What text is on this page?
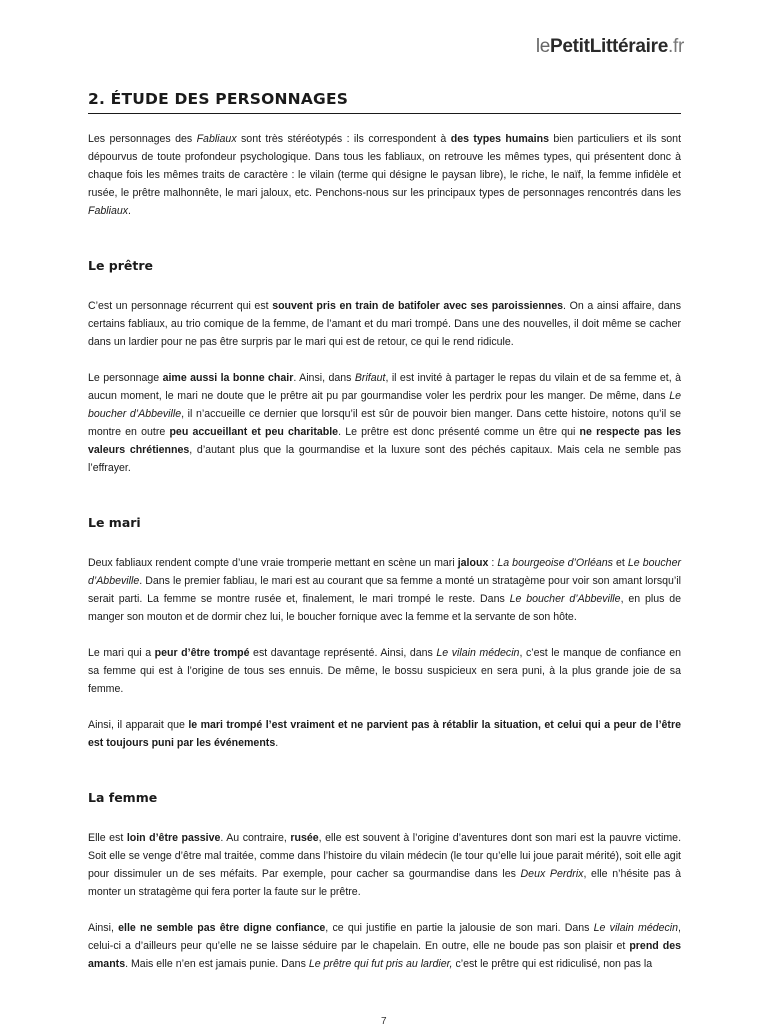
lePetitLittéraire.fr
2. ÉTUDE DES PERSONNAGES

Les personnages des Fabliaux sont très stéréotypés : ils correspondent à des types humains bien particuliers et ils sont dépourvus de toute profondeur psychologique. Dans tous les fabliaux, on retrouve les mêmes types, qui présentent donc à chaque fois les mêmes traits de caractère : le vilain (terme qui désigne le paysan libre), le riche, le naïf, la femme infidèle et rusée, le prêtre malhonnête, le mari jaloux, etc. Penchons-nous sur les principaux types de personnages rencontrés dans les Fabliaux.

Le prêtre

C’est un personnage récurrent qui est souvent pris en train de batifoler avec ses paroissiennes. On a ainsi affaire, dans certains fabliaux, au trio comique de la femme, de l’amant et du mari trompé. Dans une des nouvelles, il doit même se cacher dans un lardier pour ne pas être surpris par le mari qui est de retour, ce qui le rend ridicule.

Le personnage aime aussi la bonne chair. Ainsi, dans Brifaut, il est invité à partager le repas du vilain et de sa femme et, à aucun moment, le mari ne doute que le prêtre ait pu par gourmandise voler les perdrix pour les manger. De même, dans Le boucher d’Abbeville, il n’accueille ce dernier que lorsqu’il est sûr de pouvoir bien manger. Dans cette histoire, notons qu’il se montre en outre peu accueillant et peu charitable. Le prêtre est donc présenté comme un être qui ne respecte pas les valeurs chrétiennes, d’autant plus que la gourmandise et la luxure sont des péchés capitaux. Mais cela ne semble pas l’effrayer.

Le mari

Deux fabliaux rendent compte d’une vraie tromperie mettant en scène un mari jaloux : La bourgeoise d’Orléans et Le boucher d’Abbeville. Dans le premier fabliau, le mari est au courant que sa femme a monté un stratagème pour voir son amant lorsqu’il serait parti. La femme se montre rusée et, finalement, le mari trompé le reste. Dans Le boucher d’Abbeville, en plus de manger son mouton et de dormir chez lui, le boucher fornique avec la femme et la servante de son hôte.

Le mari qui a peur d’être trompé est davantage représenté. Ainsi, dans Le vilain médecin, c’est le manque de confiance en sa femme qui est à l’origine de tous ses ennuis. De même, le bossu suspicieux en sera puni, à la plus grande joie de sa femme.

Ainsi, il apparait que le mari trompé l’est vraiment et ne parvient pas à rétablir la situation, et celui qui a peur de l’être est toujours puni par les événements.

La femme

Elle est loin d’être passive. Au contraire, rusée, elle est souvent à l’origine d’aventures dont son mari est la pauvre victime. Soit elle se venge d’être mal traitée, comme dans l’histoire du vilain médecin (le tour qu’elle lui joue parait mérité), soit elle agit pour dissimuler un de ses méfaits. Par exemple, pour cacher sa gourmandise dans les Deux Perdrix, elle n’hésite pas à monter un stratagème qui fera porter la faute sur le prêtre.

Ainsi, elle ne semble pas être digne confiance, ce qui justifie en partie la jalousie de son mari. Dans Le vilain médecin, celui-ci a d’ailleurs peur qu’elle ne se laisse séduire par le chapelain. En outre, elle ne boude pas son plaisir et prend des amants. Mais elle n’en est jamais punie. Dans Le prêtre qui fut pris au lardier, c’est le prêtre qui est ridiculisé, non pas la

7
